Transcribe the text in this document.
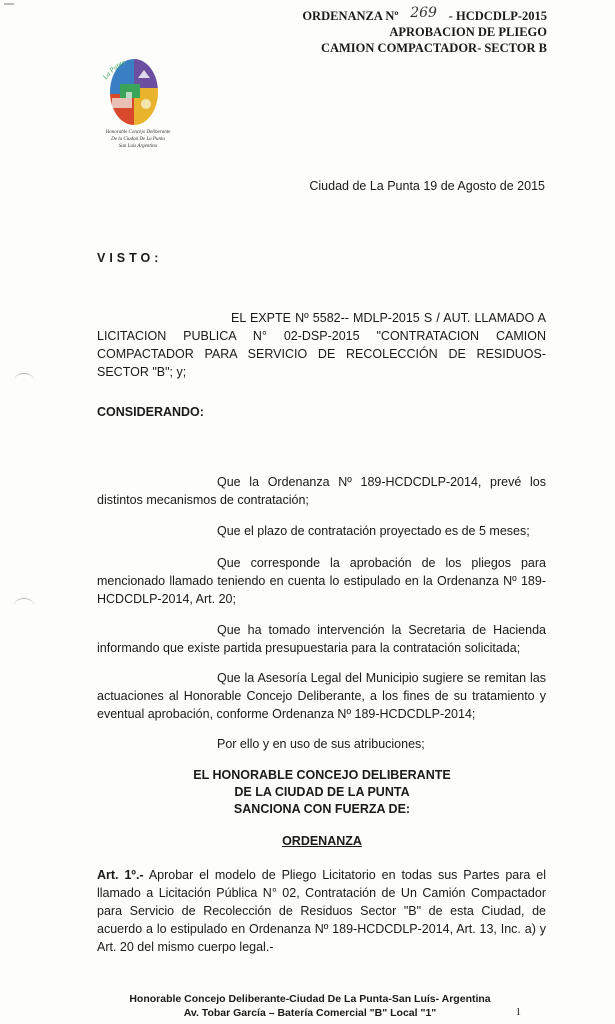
ORDENANZA Nº 269 - HCDCDLP-2015
APROBACION DE PLIEGO
CAMION COMPACTADOR- SECTOR B
La Punta
Honorable Concejo Deliberante
De la Ciudad De La Punta
San Luis Argentina
Ciudad de La Punta 19 de Agosto de 2015
VISTO:
EL EXPTE Nº 5582-- MDLP-2015 S / AUT. LLAMADO A LICITACION PUBLICA N° 02-DSP-2015 "CONTRATACION CAMION COMPACTADOR PARA SERVICIO DE RECOLECCIÓN DE RESIDUOS- SECTOR "B"; y;
CONSIDERANDO:
Que la Ordenanza Nº 189-HCDCDLP-2014, prevé los distintos mecanismos de contratación;
Que el plazo de contratación proyectado es de 5 meses;
Que corresponde la aprobación de los pliegos para mencionado llamado teniendo en cuenta lo estipulado en la Ordenanza Nº 189-HCDCDLP-2014, Art. 20;
Que ha tomado intervención la Secretaria de Hacienda informando que existe partida presupuestaria para la contratación solicitada;
Que la Asesoría Legal del Municipio sugiere se remitan las actuaciones al Honorable Concejo Deliberante, a los fines de su tratamiento y eventual aprobación, conforme Ordenanza Nº 189-HCDCDLP-2014;
Por ello y en uso de sus atribuciones;
EL HONORABLE CONCEJO DELIBERANTE
DE LA CIUDAD DE LA PUNTA
SANCIONA CON FUERZA DE:
ORDENANZA
Art. 1º.- Aprobar el modelo de Pliego Licitatorio en todas sus Partes para el llamado a Licitación Pública N° 02, Contratación de Un Camión Compactador para Servicio de Recolección de Residuos Sector "B" de esta Ciudad, de acuerdo a lo estipulado en Ordenanza Nº 189-HCDCDLP-2014, Art. 13, Inc. a) y Art. 20 del mismo cuerpo legal.-
Honorable Concejo Deliberante-Ciudad De La Punta-San Luís- Argentina
Av. Tobar García – Batería Comercial "B" Local "1"	1
